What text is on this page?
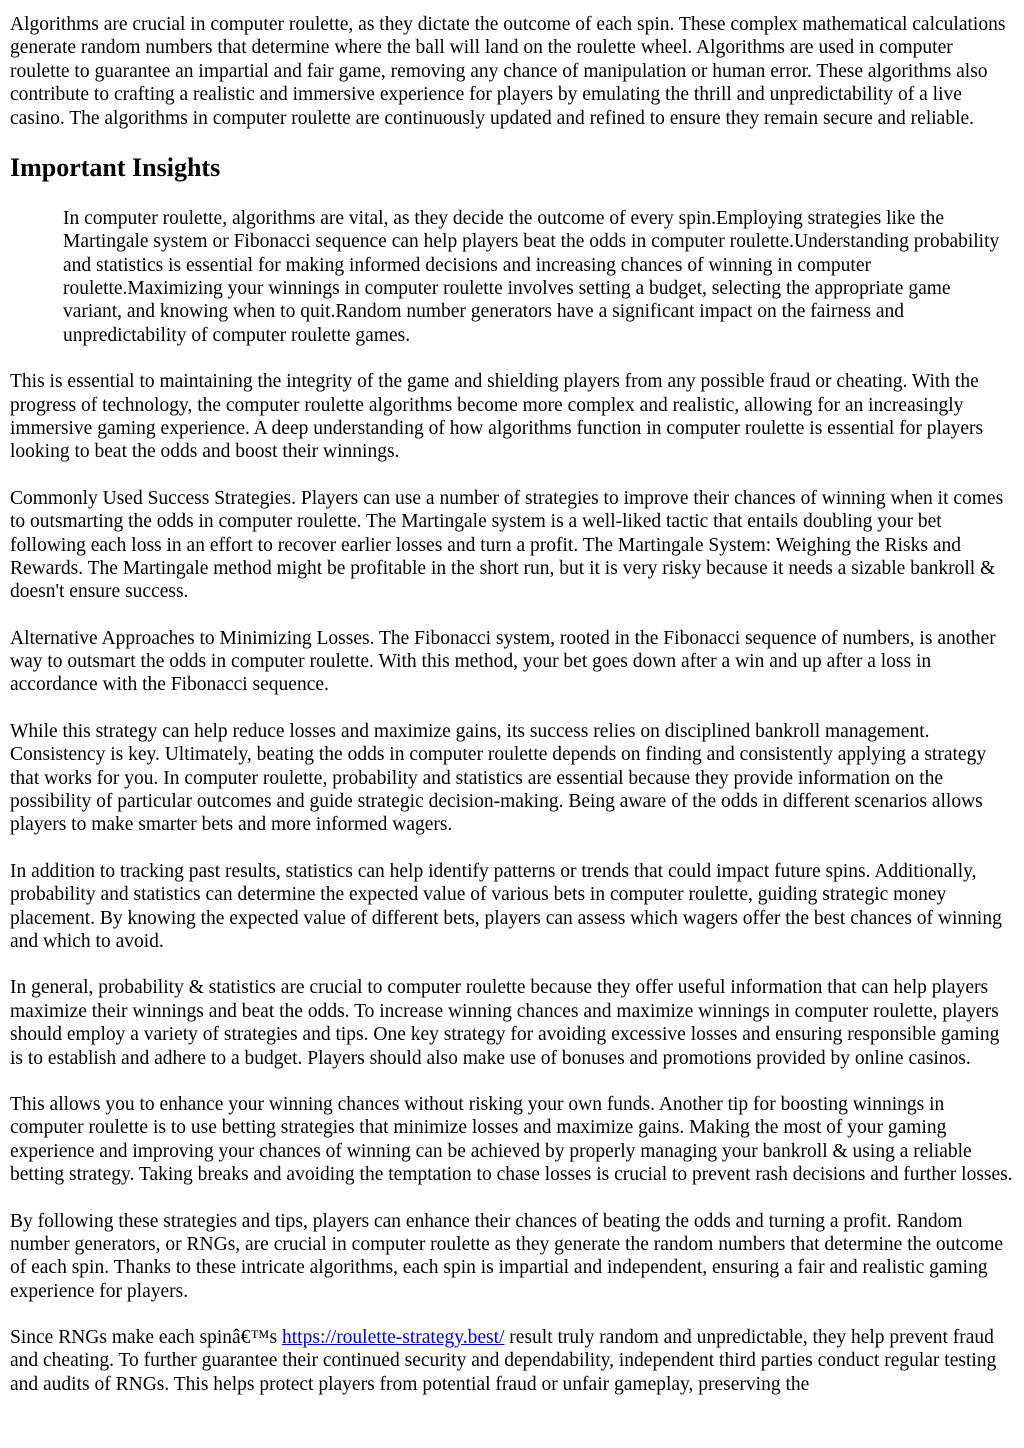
Algorithms are crucial in computer roulette, as they dictate the outcome of each spin. These complex mathematical calculations generate random numbers that determine where the ball will land on the roulette wheel. Algorithms are used in computer roulette to guarantee an impartial and fair game, removing any chance of manipulation or human error. These algorithms also contribute to crafting a realistic and immersive experience for players by emulating the thrill and unpredictability of a live casino. The algorithms in computer roulette are continuously updated and refined to ensure they remain secure and reliable.

Important Insights
In computer roulette, algorithms are vital, as they decide the outcome of every spin.Employing strategies like the Martingale system or Fibonacci sequence can help players beat the odds in computer roulette.Understanding probability and statistics is essential for making informed decisions and increasing chances of winning in computer roulette.Maximizing your winnings in computer roulette involves setting a budget, selecting the appropriate game variant, and knowing when to quit.Random number generators have a significant impact on the fairness and unpredictability of computer roulette games.

This is essential to maintaining the integrity of the game and shielding players from any possible fraud or cheating. With the progress of technology, the computer roulette algorithms become more complex and realistic, allowing for an increasingly immersive gaming experience. A deep understanding of how algorithms function in computer roulette is essential for players looking to beat the odds and boost their winnings.

Commonly Used Success Strategies. Players can use a number of strategies to improve their chances of winning when it comes to outsmarting the odds in computer roulette. The Martingale system is a well-liked tactic that entails doubling your bet following each loss in an effort to recover earlier losses and turn a profit. The Martingale System: Weighing the Risks and Rewards. The Martingale method might be profitable in the short run, but it is very risky because it needs a sizable bankroll & doesn't ensure success.

Alternative Approaches to Minimizing Losses. The Fibonacci system, rooted in the Fibonacci sequence of numbers, is another way to outsmart the odds in computer roulette. With this method, your bet goes down after a win and up after a loss in accordance with the Fibonacci sequence.

While this strategy can help reduce losses and maximize gains, its success relies on disciplined bankroll management. Consistency is key. Ultimately, beating the odds in computer roulette depends on finding and consistently applying a strategy that works for you. In computer roulette, probability and statistics are essential because they provide information on the possibility of particular outcomes and guide strategic decision-making. Being aware of the odds in different scenarios allows players to make smarter bets and more informed wagers.

In addition to tracking past results, statistics can help identify patterns or trends that could impact future spins. Additionally, probability and statistics can determine the expected value of various bets in computer roulette, guiding strategic money placement. By knowing the expected value of different bets, players can assess which wagers offer the best chances of winning and which to avoid.

In general, probability & statistics are crucial to computer roulette because they offer useful information that can help players maximize their winnings and beat the odds. To increase winning chances and maximize winnings in computer roulette, players should employ a variety of strategies and tips. One key strategy for avoiding excessive losses and ensuring responsible gaming is to establish and adhere to a budget. Players should also make use of bonuses and promotions provided by online casinos.

This allows you to enhance your winning chances without risking your own funds. Another tip for boosting winnings in computer roulette is to use betting strategies that minimize losses and maximize gains. Making the most of your gaming experience and improving your chances of winning can be achieved by properly managing your bankroll & using a reliable betting strategy. Taking breaks and avoiding the temptation to chase losses is crucial to prevent rash decisions and further losses.

By following these strategies and tips, players can enhance their chances of beating the odds and turning a profit. Random number generators, or RNGs, are crucial in computer roulette as they generate the random numbers that determine the outcome of each spin. Thanks to these intricate algorithms, each spin is impartial and independent, ensuring a fair and realistic gaming experience for players.

Since RNGs make each spinâ€™s https://roulette-strategy.best/ result truly random and unpredictable, they help prevent fraud and cheating. To further guarantee their continued security and dependability, independent third parties conduct regular testing and audits of RNGs. This helps protect players from potential fraud or unfair gameplay, preserving the
